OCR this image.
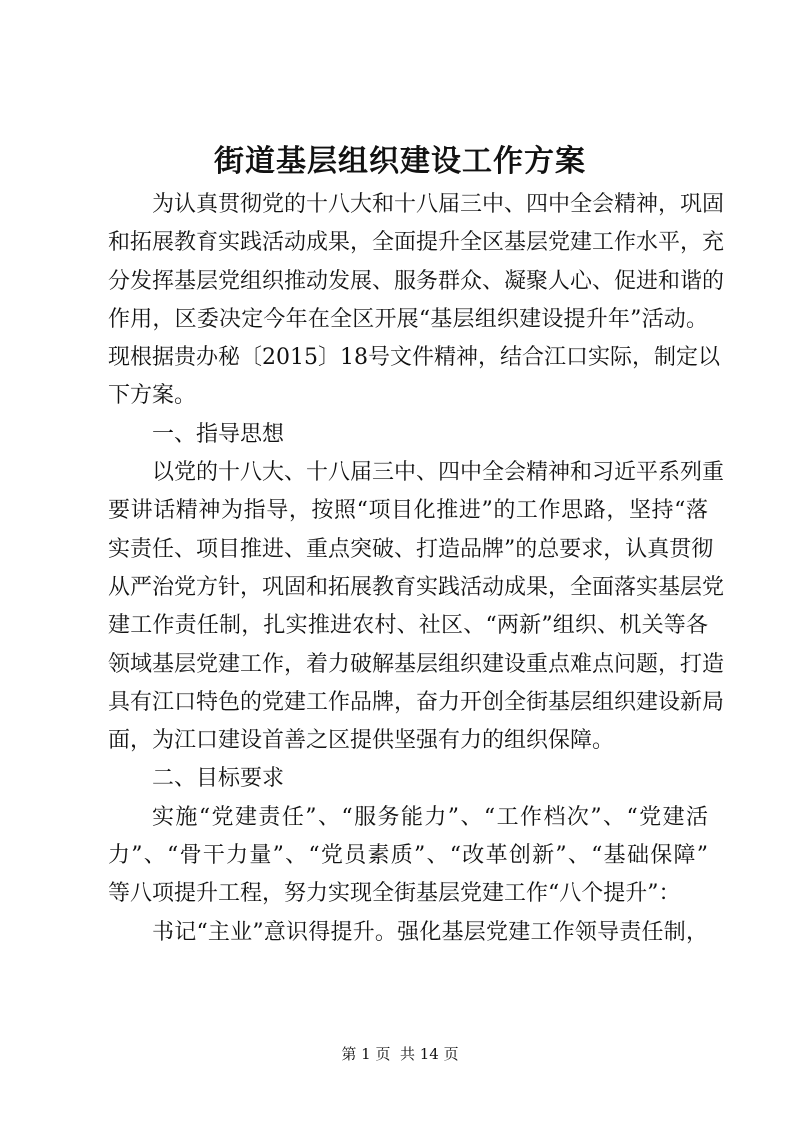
街道基层组织建设工作方案
为认真贯彻党的十八大和十八届三中、四中全会精神，巩固
和拓展教育实践活动成果，全面提升全区基层党建工作水平，充
分发挥基层党组织推动发展、服务群众、凝聚人心、促进和谐的
作用，区委决定今年在全区开展“基层组织建设提升年”活动。
现根据贵办秘〔2015〕18号文件精神，结合江口实际，制定以
下方案。
一、指导思想
以党的十八大、十八届三中、四中全会精神和习近平系列重
要讲话精神为指导，按照“项目化推进”的工作思路，坚持“落
实责任、项目推进、重点突破、打造品牌”的总要求，认真贯彻
从严治党方针，巩固和拓展教育实践活动成果，全面落实基层党
建工作责任制，扎实推进农村、社区、“两新”组织、机关等各
领域基层党建工作，着力破解基层组织建设重点难点问题，打造
具有江口特色的党建工作品牌，奋力开创全街基层组织建设新局
面，为江口建设首善之区提供坚强有力的组织保障。
二、目标要求
实施“党建责任”、“服务能力”、“工作档次”、“党建活
力”、“骨干力量”、“党员素质”、“改革创新”、“基础保障”
等八项提升工程，努力实现全街基层党建工作“八个提升”：
书记“主业”意识得提升。强化基层党建工作领导责任制，
第 1 页  共 14 页
